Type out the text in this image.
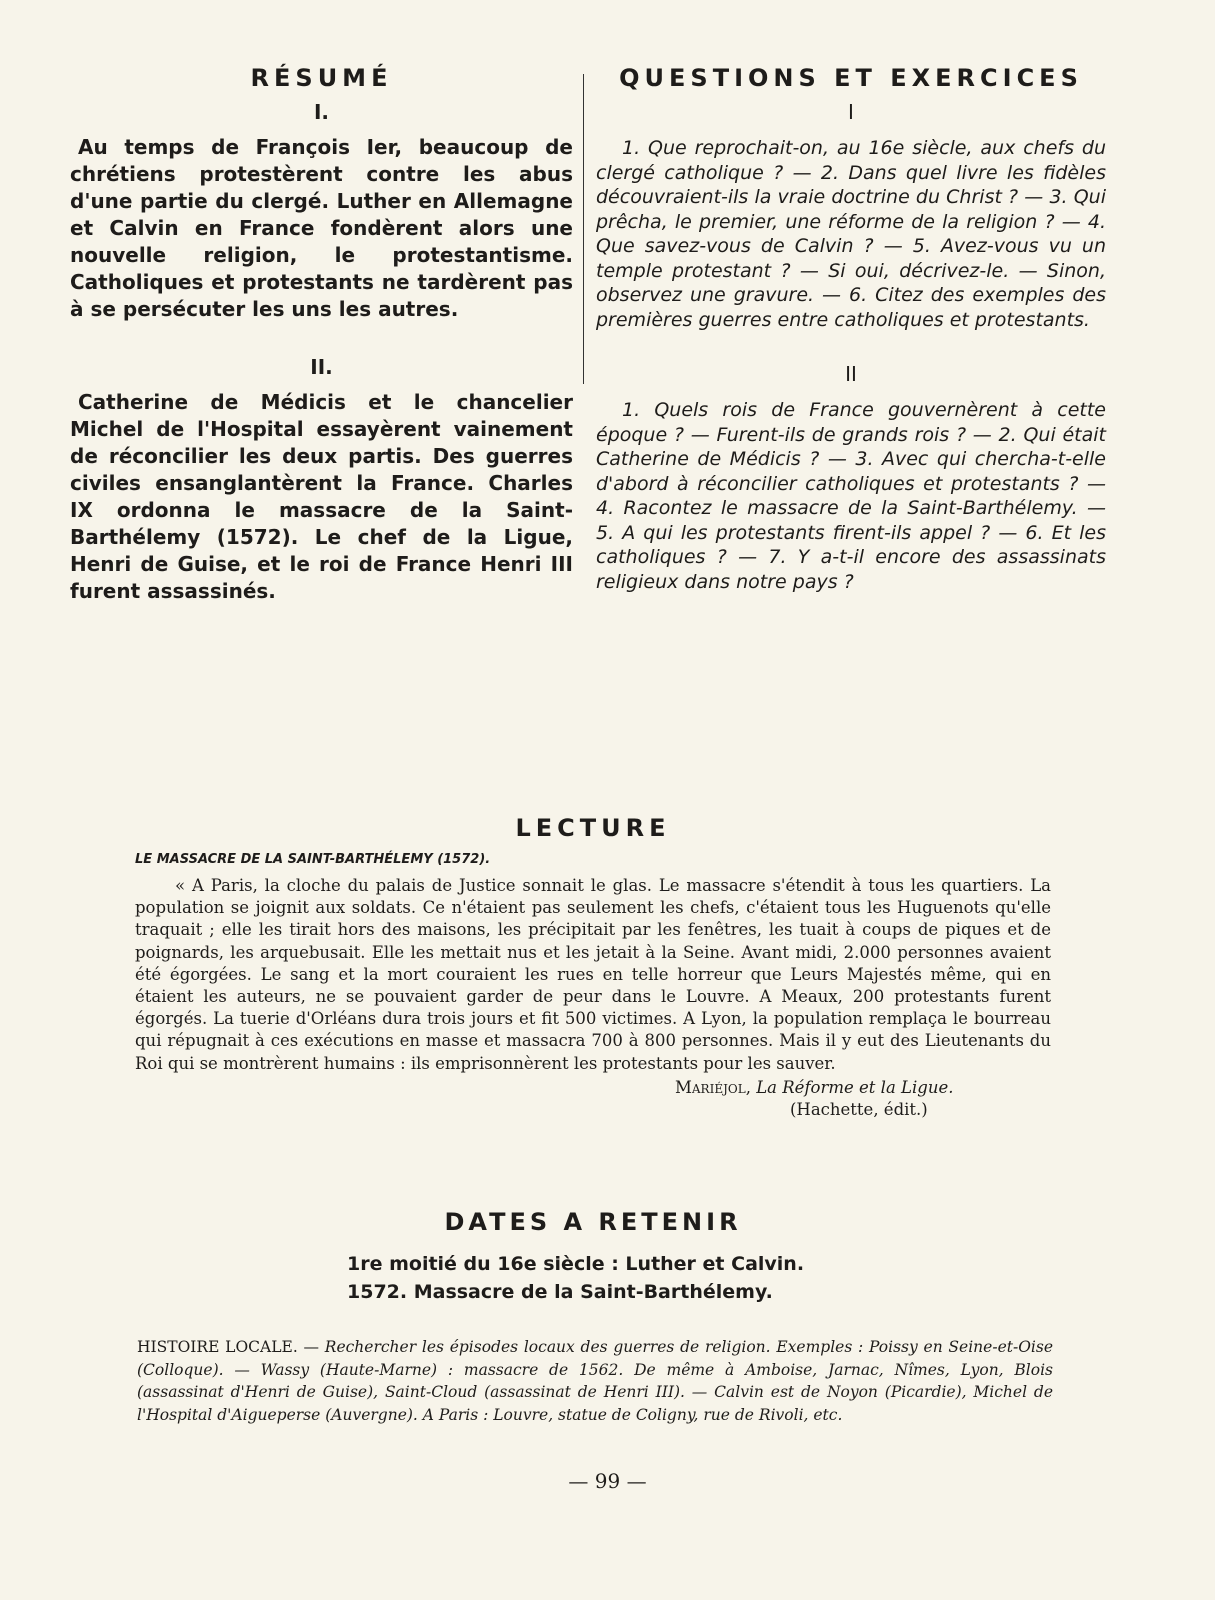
RÉSUMÉ
I.

Au temps de François Ier, beaucoup de chrétiens protestèrent contre les abus d'une partie du clergé. Luther en Allemagne et Calvin en France fondèrent alors une nouvelle religion, le protestantisme. Catholiques et protestants ne tardèrent pas à se persécuter les uns les autres.

II.

Catherine de Médicis et le chancelier Michel de l'Hospital essayèrent vainement de réconcilier les deux partis. Des guerres civiles ensanglantèrent la France. Charles IX ordonna le massacre de la Saint-Barthélemy (1572). Le chef de la Ligue, Henri de Guise, et le roi de France Henri III furent assassinés.

QUESTIONS ET EXERCICES
I

1. Que reprochait-on, au 16e siècle, aux chefs du clergé catholique ? — 2. Dans quel livre les fidèles découvraient-ils la vraie doctrine du Christ ? — 3. Qui prêcha, le premier, une réforme de la religion ? — 4. Que savez-vous de Calvin ? — 5. Avez-vous vu un temple protestant ? — Si oui, décrivez-le. — Sinon, observez une gravure. — 6. Citez des exemples des premières guerres entre catholiques et protestants.

II

1. Quels rois de France gouvernèrent à cette époque ? — Furent-ils de grands rois ? — 2. Qui était Catherine de Médicis ? — 3. Avec qui chercha-t-elle d'abord à réconcilier catholiques et protestants ? — 4. Racontez le massacre de la Saint-Barthélemy. — 5. A qui les protestants firent-ils appel ? — 6. Et les catholiques ? — 7. Y a-t-il encore des assassinats religieux dans notre pays ?

LECTURE
LE MASSACRE DE LA SAINT-BARTHÉLEMY (1572).

« A Paris, la cloche du palais de Justice sonnait le glas. Le massacre s'étendit à tous les quartiers. La population se joignit aux soldats. Ce n'étaient pas seulement les chefs, c'étaient tous les Huguenots qu'elle traquait ; elle les tirait hors des maisons, les précipitait par les fenêtres, les tuait à coups de piques et de poignards, les arquebusait. Elle les mettait nus et les jetait à la Seine. Avant midi, 2.000 personnes avaient été égorgées. Le sang et la mort couraient les rues en telle horreur que Leurs Majestés même, qui en étaient les auteurs, ne se pouvaient garder de peur dans le Louvre. A Meaux, 200 protestants furent égorgés. La tuerie d'Orléans dura trois jours et fit 500 victimes. A Lyon, la population remplaça le bourreau qui répugnait à ces exécutions en masse et massacra 700 à 800 personnes. Mais il y eut des Lieutenants du Roi qui se montrèrent humains : ils emprisonnèrent les protestants pour les sauver.

Mariéjol, La Réforme et la Ligue.
(Hachette, édit.)
DATES A RETENIR
1re moitié du 16e siècle : Luther et Calvin.
1572. Massacre de la Saint-Barthélemy.

HISTOIRE LOCALE. — Rechercher les épisodes locaux des guerres de religion. Exemples : Poissy en Seine-et-Oise (Colloque). — Wassy (Haute-Marne) : massacre de 1562. De même à Amboise, Jarnac, Nîmes, Lyon, Blois (assassinat d'Henri de Guise), Saint-Cloud (assassinat de Henri III). — Calvin est de Noyon (Picardie), Michel de l'Hospital d'Aigueperse (Auvergne). A Paris : Louvre, statue de Coligny, rue de Rivoli, etc.

— 99 —
